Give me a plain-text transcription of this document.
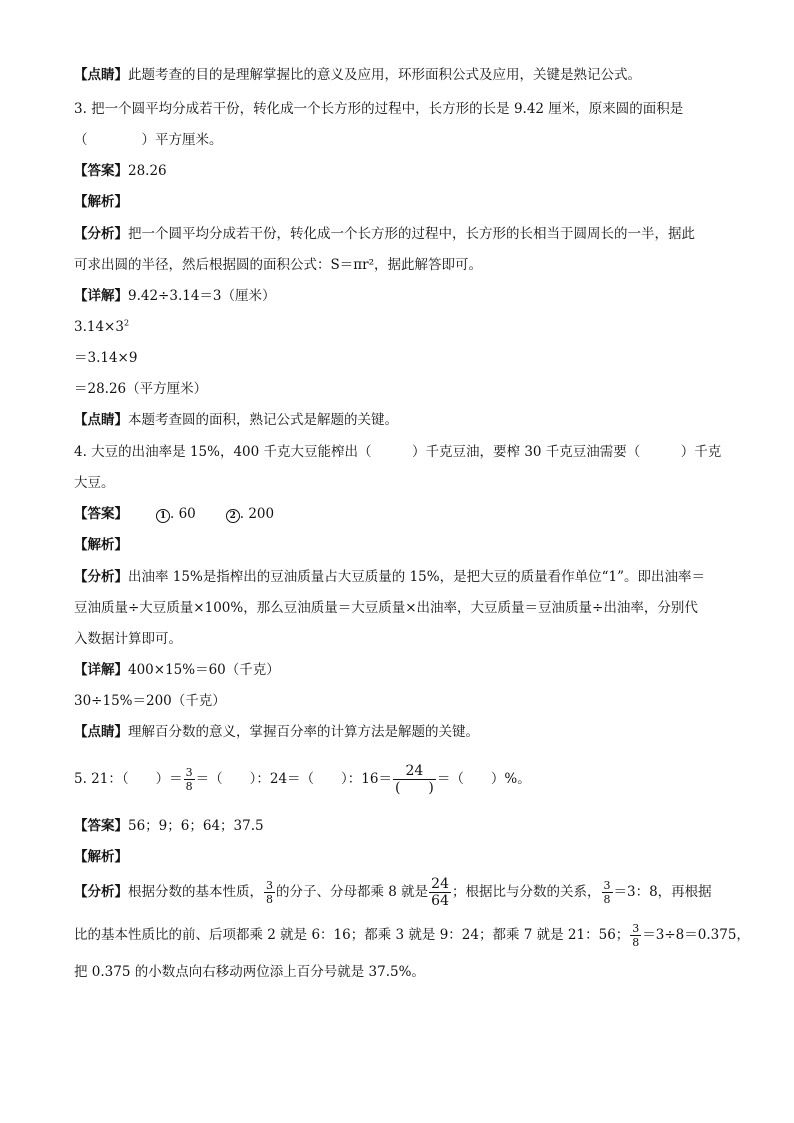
【点睛】此题考查的目的是理解掌握比的意义及应用，环形面积公式及应用，关键是熟记公式。
3. 把一个圆平均分成若干份，转化成一个长方形的过程中，长方形的长是 9.42 厘米，原来圆的面积是
（　　　　）平方厘米。
【答案】28.26
【解析】
【分析】把一个圆平均分成若干份，转化成一个长方形的过程中，长方形的长相当于圆周长的一半，据此
可求出圆的半径，然后根据圆的面积公式：S＝πr²，据此解答即可。
【详解】9.42÷3.14＝3（厘米）
$3.14\times 3^2$
＝3.14×9
＝28.26（平方厘米）
【点睛】本题考查圆的面积，熟记公式是解题的关键。
4. 大豆的出油率是 15%，400 千克大豆能榨出（　　　）千克豆油，要榨 30 千克豆油需要（　　　）千克
大豆。
【答案】	1 . 60	2 . 200
【解析】
【分析】出油率 15%是指榨出的豆油质量占大豆质量的 15%，是把大豆的质量看作单位“1”。即出油率＝
豆油质量÷大豆质量×100%，那么豆油质量＝大豆质量×出油率，大豆质量＝豆油质量÷出油率，分别代
入数据计算即可。
【详解】400×15%＝60（千克）
30÷15%＝200（千克）
【点睛】理解百分数的意义，掌握百分率的计算方法是解题的关键。
5. 21：（　　）＝ $\frac{3}{8}$ ＝（　　）：24＝（　　）：$16= \frac{24}{( )}$ ＝（　　）%。
【答案】56；9；6；64；37.5
【解析】
【分析】根据分数的基本性质， $\frac{3}{8}$ 的分子、分母都乘 8 就是 $\frac{24}{64}$ ；根据比与分数的关系， $\frac{3}{8} =3$：8，再根据
比的基本性质比的前、后项都乘 2 就是 6：16；都乘 3 就是 9：24；都乘 7 就是 21：56； $\frac{3}{8} =3\div 8=0.375$，
把 0.375 的小数点向右移动两位添上百分号就是 37.5%。
